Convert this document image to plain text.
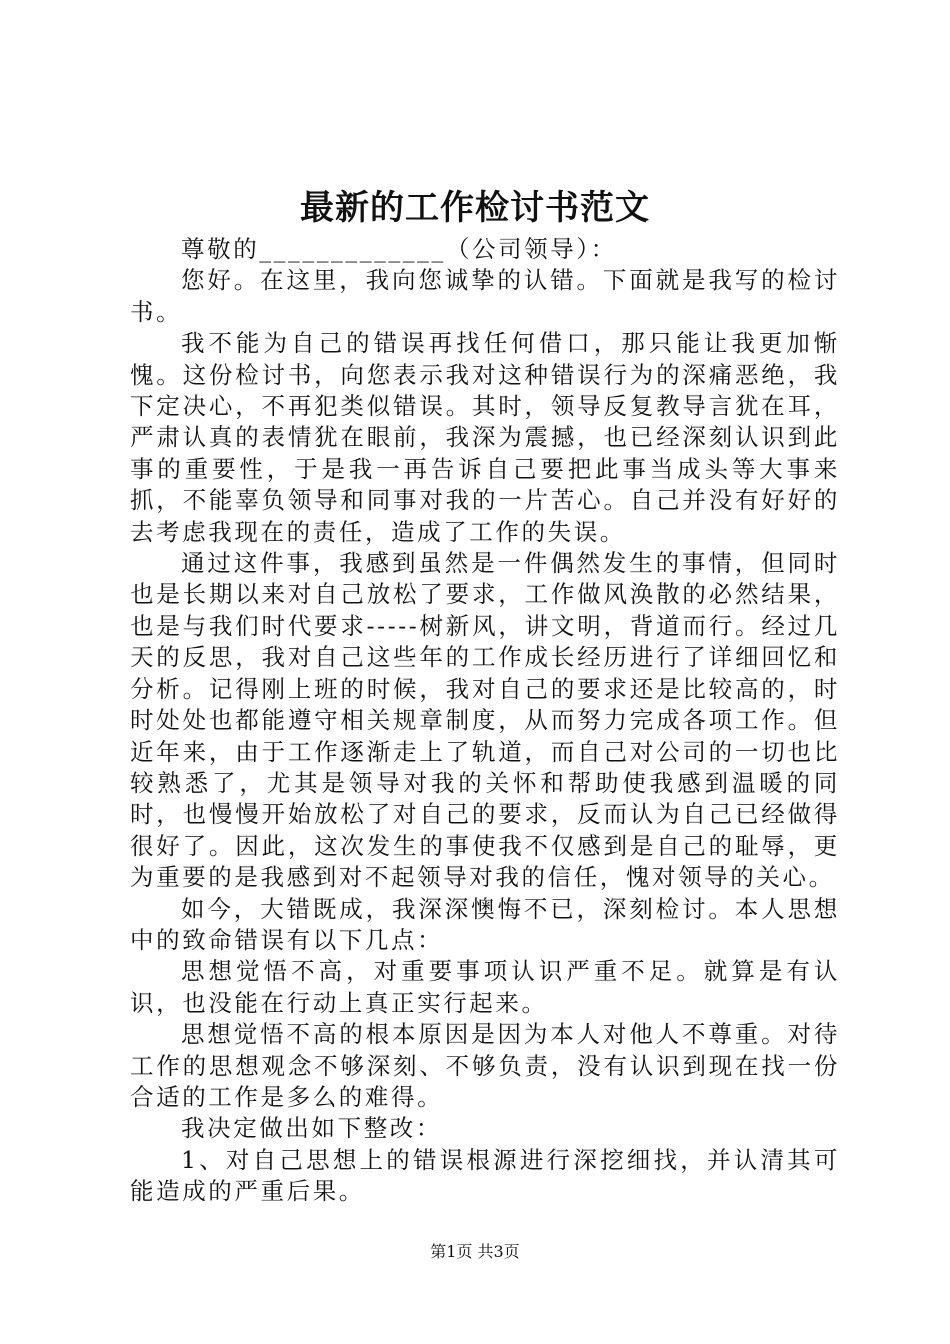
最新的工作检讨书范文

尊敬的_____________（公司领导）：

您好。在这里，我向您诚挚的认错。下面就是我写的检讨书。

我不能为自己的错误再找任何借口，那只能让我更加惭愧。这份检讨书，向您表示我对这种错误行为的深痛恶绝，我下定决心，不再犯类似错误。其时，领导反复教导言犹在耳，严肃认真的表情犹在眼前，我深为震撼，也已经深刻认识到此事的重要性，于是我一再告诉自己要把此事当成头等大事来抓，不能辜负领导和同事对我的一片苦心。自己并没有好好的去考虑我现在的责任，造成了工作的失误。

通过这件事，我感到虽然是一件偶然发生的事情，但同时也是长期以来对自己放松了要求，工作做风涣散的必然结果，也是与我们时代要求-----树新风，讲文明，背道而行。经过几天的反思，我对自己这些年的工作成长经历进行了详细回忆和分析。记得刚上班的时候，我对自己的要求还是比较高的，时时处处也都能遵守相关规章制度，从而努力完成各项工作。但近年来，由于工作逐渐走上了轨道，而自己对公司的一切也比较熟悉了，尤其是领导对我的关怀和帮助使我感到温暖的同时，也慢慢开始放松了对自己的要求，反而认为自己已经做得很好了。因此，这次发生的事使我不仅感到是自己的耻辱，更为重要的是我感到对不起领导对我的信任，愧对领导的关心。

如今，大错既成，我深深懊悔不已，深刻检讨。本人思想中的致命错误有以下几点：

思想觉悟不高，对重要事项认识严重不足。就算是有认识，也没能在行动上真正实行起来。

思想觉悟不高的根本原因是因为本人对他人不尊重。对待工作的思想观念不够深刻、不够负责，没有认识到现在找一份合适的工作是多么的难得。

我决定做出如下整改：

1、对自己思想上的错误根源进行深挖细找，并认清其可能造成的严重后果。

第1页 共3页
